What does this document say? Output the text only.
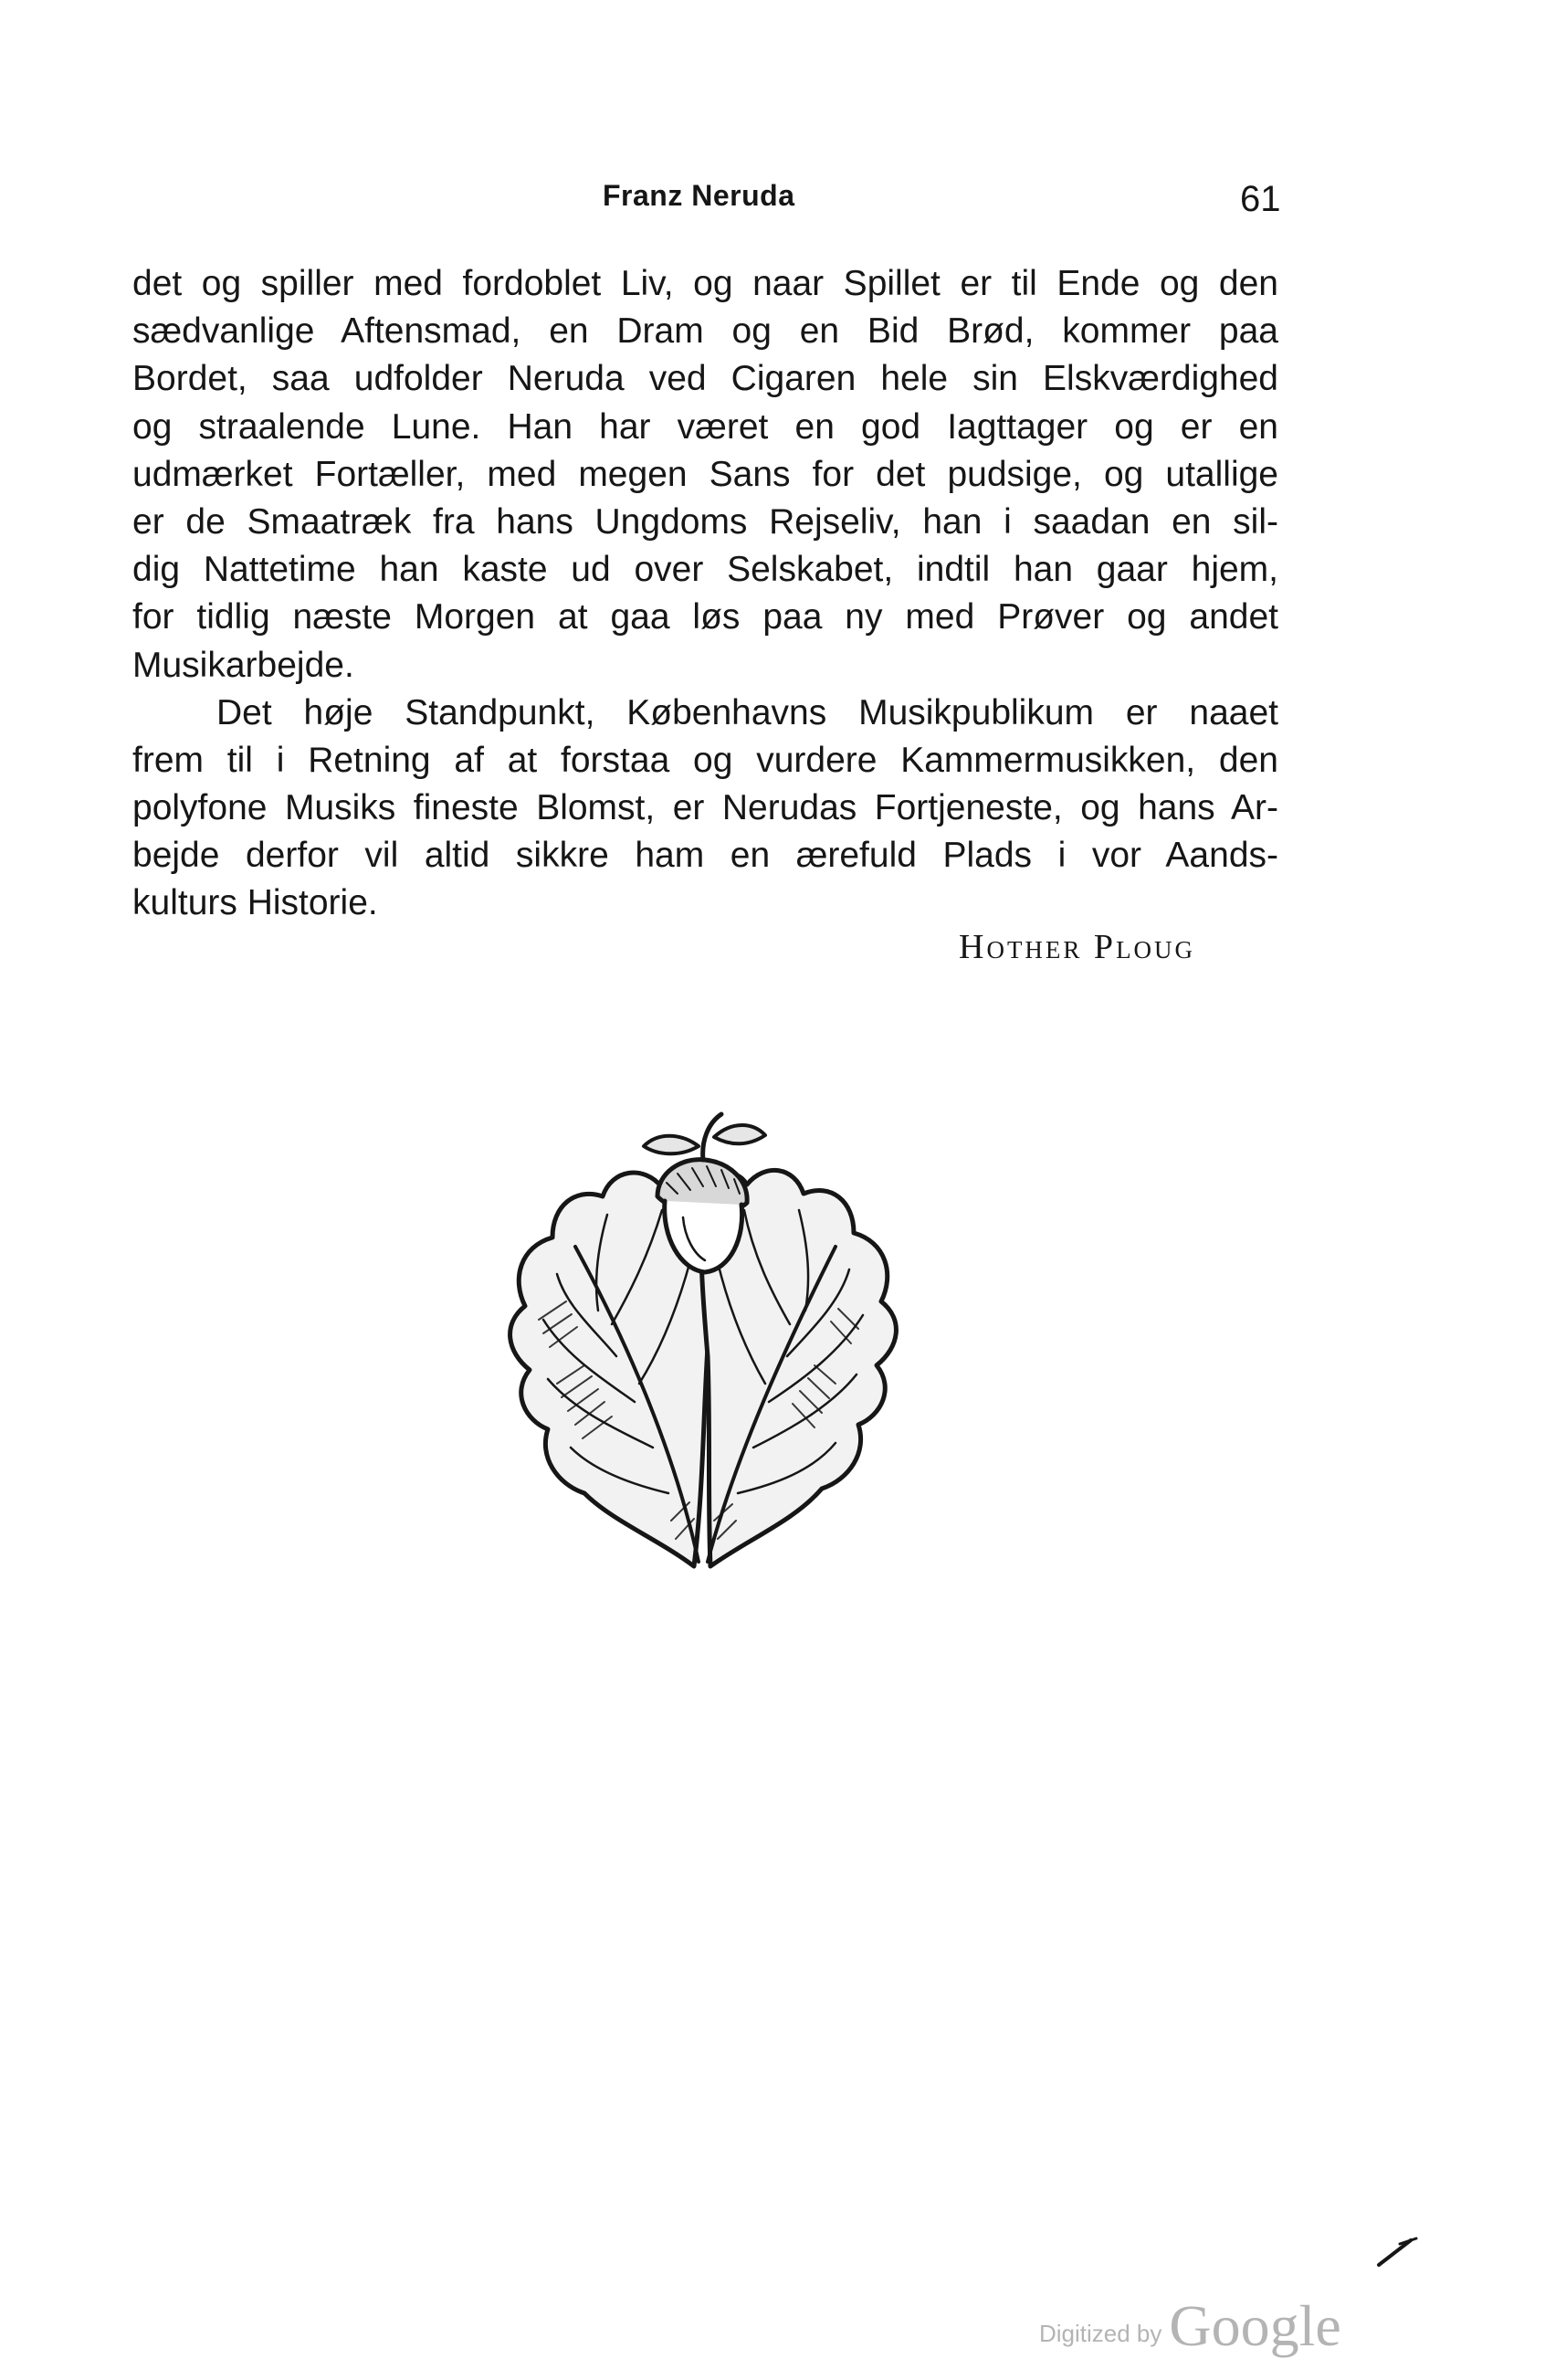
Franz Neruda	61
det og spiller med fordoblet Liv, og naar Spillet er til Ende og den
sædvanlige Aftensmad, en Dram og en Bid Brød, kommer paa
Bordet, saa udfolder Neruda ved Cigaren hele sin Elskværdighed
og straalende Lune. Han har været en god Iagttager og er en
udmærket Fortæller, med megen Sans for det pudsige, og utallige
er de Smaatræk fra hans Ungdoms Rejseliv, han i saadan en sil-
dig Nattetime han kaste ud over Selskabet, indtil han gaar hjem,
for tidlig næste Morgen at gaa løs paa ny med Prøver og andet
Musikarbejde.
Det høje Standpunkt, Københavns Musikpublikum er naaet
frem til i Retning af at forstaa og vurdere Kammermusikken, den
polyfone Musiks fineste Blomst, er Nerudas Fortjeneste, og hans Ar-
bejde derfor vil altid sikkre ham en ærefuld Plads i vor Aands-
kulturs Historie.
Hother Ploug
Digitized by Google
